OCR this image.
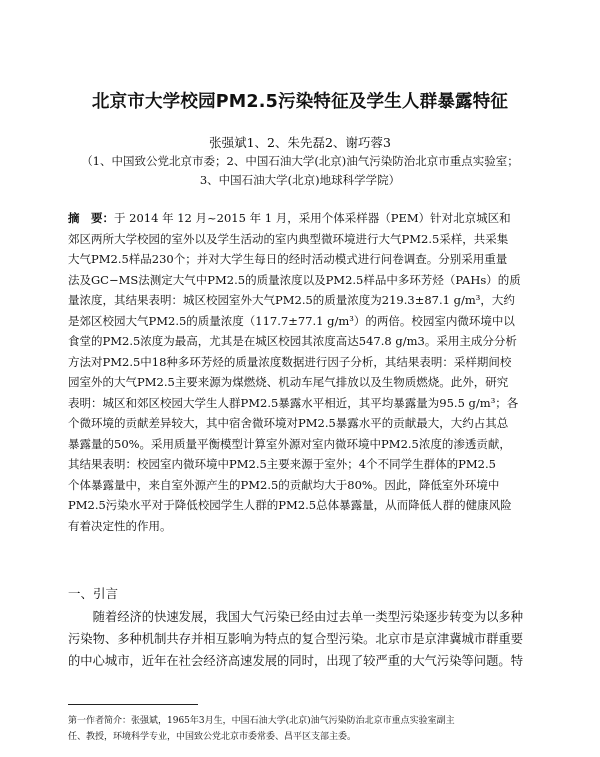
北京市大学校园PM2.5污染特征及学生人群暴露特征
张强斌1、2、朱先磊2、谢巧蓉3
（1、中国致公党北京市委；2、中国石油大学(北京)油气污染防治北京市重点实验室；
3、中国石油大学(北京)地球科学学院）
摘　要：于 2014 年 12 月~2015 年 1 月，采用个体采样器（PEM）针对北京城区和
郊区两所大学校园的室外以及学生活动的室内典型微环境进行大气PM2.5采样，共采集
大气PM2.5样品230个；并对大学生每日的经时活动模式进行问卷调查。分别采用重量
法及GC−MS法测定大气中PM2.5的质量浓度以及PM2.5样品中多环芳烃（PAHs）的质
量浓度，其结果表明：城区校园室外大气PM2.5的质量浓度为219.3±87.1 g/m³，大约
是郊区校园大气PM2.5的质量浓度（117.7±77.1 g/m³）的两倍。校园室内微环境中以
食堂的PM2.5浓度为最高，尤其是在城区校园其浓度高达547.8 g/m3。采用主成分分析
方法对PM2.5中18种多环芳烃的质量浓度数据进行因子分析，其结果表明：采样期间校
园室外的大气PM2.5主要来源为煤燃烧、机动车尾气排放以及生物质燃烧。此外，研究
表明：城区和郊区校园大学生人群PM2.5暴露水平相近，其平均暴露量为95.5 g/m³；各
个微环境的贡献差异较大，其中宿舍微环境对PM2.5暴露水平的贡献最大，大约占其总
暴露量的50%。采用质量平衡模型计算室外源对室内微环境中PM2.5浓度的渗透贡献，
其结果表明：校园室内微环境中PM2.5主要来源于室外；4个不同学生群体的PM2.5
个体暴露量中，来自室外源产生的PM2.5的贡献均大于80%。因此，降低室外环境中
PM2.5污染水平对于降低校园学生人群的PM2.5总体暴露量，从而降低人群的健康风险
有着决定性的作用。
一、引言
　　随着经济的快速发展，我国大气污染已经由过去单一类型污染逐步转变为以多种
污染物、多种机制共存并相互影响为特点的复合型污染。北京市是京津冀城市群重要
的中心城市，近年在社会经济高速发展的同时，出现了较严重的大气污染等问题。特
第一作者简介：张强斌，1965年3月生，中国石油大学(北京)油气污染防治北京市重点实验室副主
任、教授，环境科学专业，中国致公党北京市委常委、昌平区支部主委。
